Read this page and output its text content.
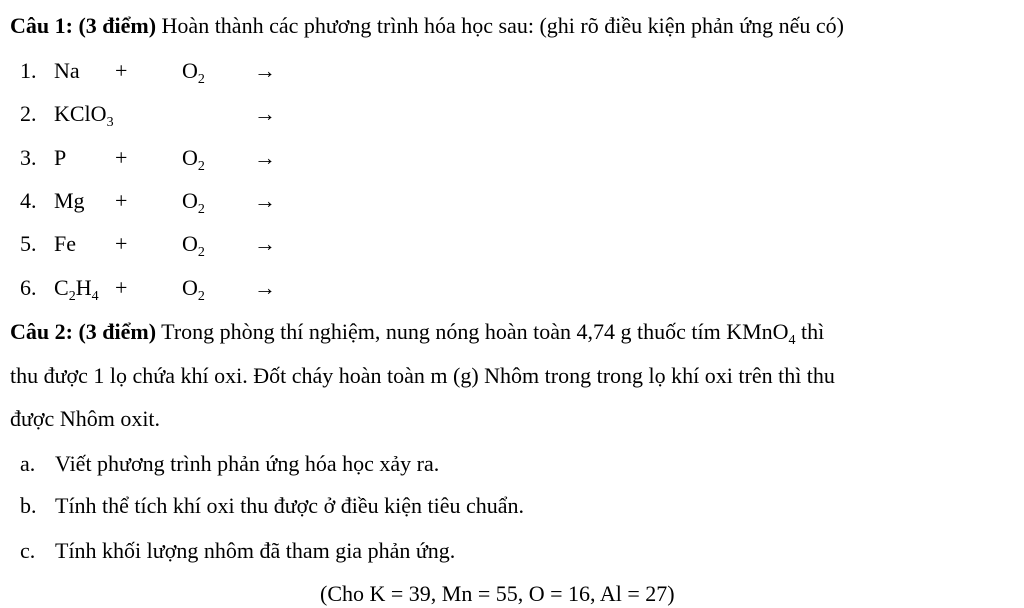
Câu 1: (3 điểm) Hoàn thành các phương trình hóa học sau: (ghi rõ điều kiện phản ứng nếu có)
1. $Na + O_2$ →
2. KClO$_3$	→
3. $P + O_2$ →
4. $Mg + O_2$ →
5. $Fe + O_2$ →
6. $C_2H_4 + O_2$ →
Câu 2: (3 điểm) Trong phòng thí nghiệm, nung nóng hoàn toàn 4,74 g thuốc tím KMnO$_4$ thì
thu được 1 lọ chứa khí oxi. Đốt cháy hoàn toàn m (g) Nhôm trong trong lọ khí oxi trên thì thu
được Nhôm oxit.
a. Viết phương trình phản ứng hóa học xảy ra.
b. Tính thể tích khí oxi thu được ở điều kiện tiêu chuẩn.
c. Tính khối lượng nhôm đã tham gia phản ứng.
(Cho K = 39, Mn = 55, O = 16, Al = 27)
